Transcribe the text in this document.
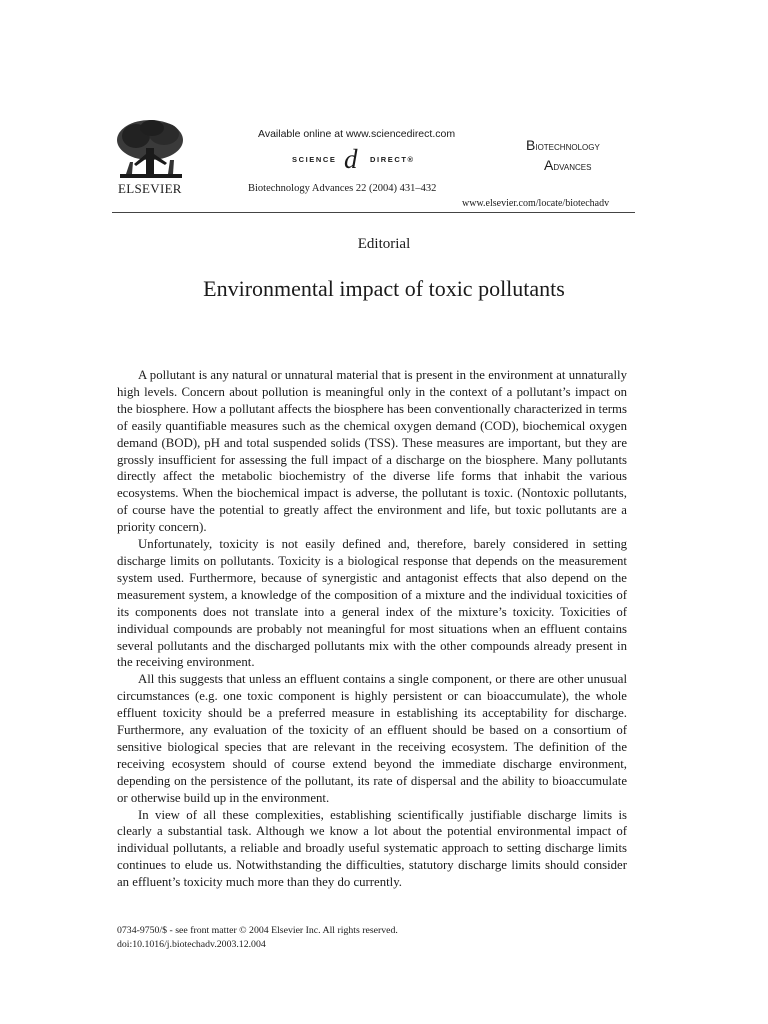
ELSEVIER
Available online at www.sciencedirect.com
SCIENCE d DIRECT®
Biotechnology Advances 22 (2004) 431–432
Biotechnology
Advances
www.elsevier.com/locate/biotechadv
Editorial
Environmental impact of toxic pollutants

A pollutant is any natural or unnatural material that is present in the environment at unnaturally high levels. Concern about pollution is meaningful only in the context of a pollutant’s impact on the biosphere. How a pollutant affects the biosphere has been conventionally characterized in terms of easily quantifiable measures such as the chemical oxygen demand (COD), biochemical oxygen demand (BOD), pH and total suspended solids (TSS). These measures are important, but they are grossly insufficient for assessing the full impact of a discharge on the biosphere. Many pollutants directly affect the metabolic biochemistry of the diverse life forms that inhabit the various ecosystems. When the biochemical impact is adverse, the pollutant is toxic. (Nontoxic pollutants, of course have the potential to greatly affect the environment and life, but toxic pollutants are a priority concern).

Unfortunately, toxicity is not easily defined and, therefore, barely considered in setting discharge limits on pollutants. Toxicity is a biological response that depends on the measurement system used. Furthermore, because of synergistic and antagonist effects that also depend on the measurement system, a knowledge of the composition of a mixture and the individual toxicities of its components does not translate into a general index of the mixture’s toxicity. Toxicities of individual compounds are probably not meaningful for most situations when an effluent contains several pollutants and the discharged pollutants mix with the other compounds already present in the receiving environment.

All this suggests that unless an effluent contains a single component, or there are other unusual circumstances (e.g. one toxic component is highly persistent or can bioaccumulate), the whole effluent toxicity should be a preferred measure in establishing its acceptability for discharge. Furthermore, any evaluation of the toxicity of an effluent should be based on a consortium of sensitive biological species that are relevant in the receiving ecosystem. The definition of the receiving ecosystem should of course extend beyond the immediate discharge environment, depending on the persistence of the pollutant, its rate of dispersal and the ability to bioaccumulate or otherwise build up in the environment.

In view of all these complexities, establishing scientifically justifiable discharge limits is clearly a substantial task. Although we know a lot about the potential environmental impact of individual pollutants, a reliable and broadly useful systematic approach to setting discharge limits continues to elude us. Notwithstanding the difficulties, statutory discharge limits should consider an effluent’s toxicity much more than they do currently.

0734-9750/$ - see front matter © 2004 Elsevier Inc. All rights reserved.
doi:10.1016/j.biotechadv.2003.12.004
